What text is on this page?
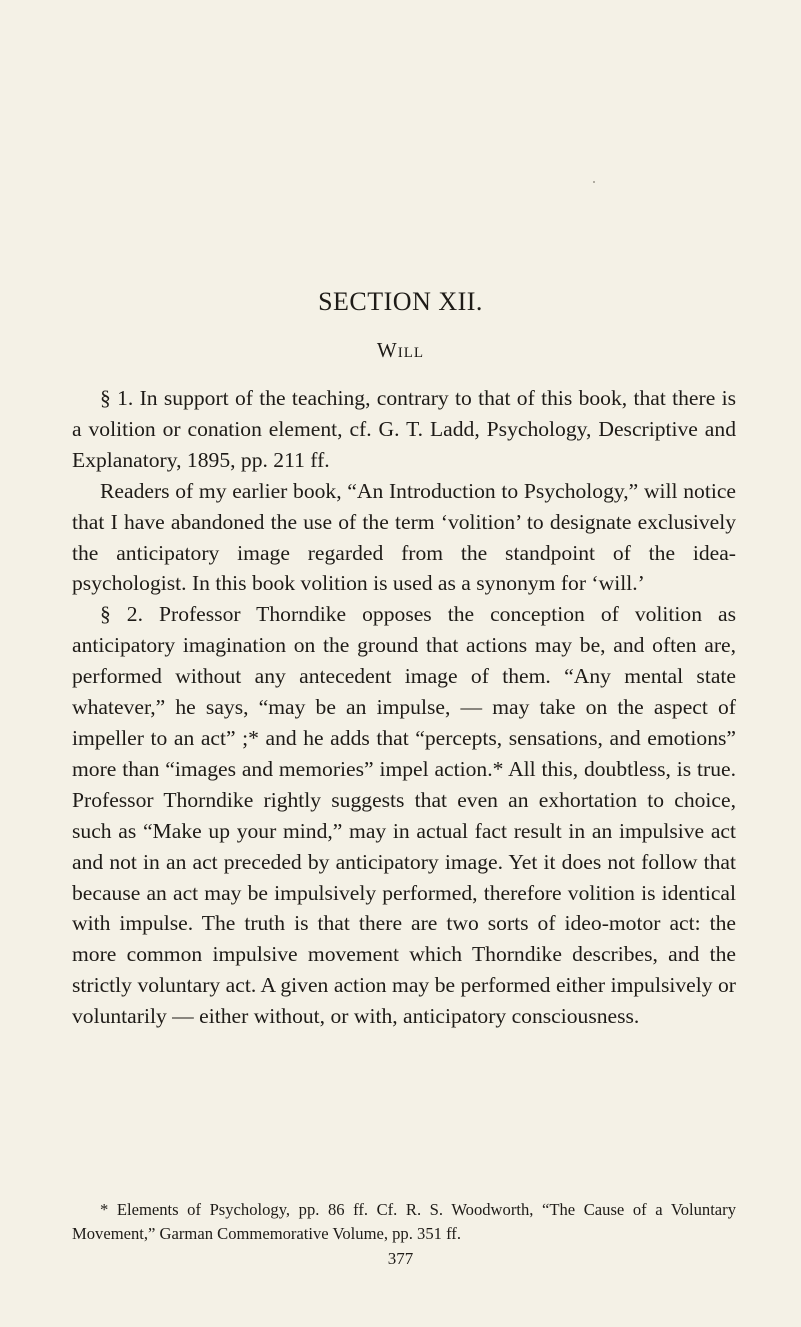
SECTION XII.
Will

§ 1. In support of the teaching, contrary to that of this book, that there is a volition or conation element, cf. G. T. Ladd, Psychology, Descriptive and Explanatory, 1895, pp. 211 ff.

Readers of my earlier book, “An Introduction to Psychology,” will notice that I have abandoned the use of the term ‘volition’ to designate exclusively the anticipatory image regarded from the standpoint of the idea-psychologist. In this book volition is used as a synonym for ‘will.’

§ 2. Professor Thorndike opposes the conception of volition as anticipatory imagination on the ground that actions may be, and often are, performed without any antecedent image of them. “Any mental state whatever,” he says, “may be an impulse, — may take on the aspect of impeller to an act” ;* and he adds that “percepts, sensations, and emotions” more than “images and memories” impel action.* All this, doubtless, is true. Professor Thorndike rightly suggests that even an exhortation to choice, such as “Make up your mind,” may in actual fact result in an impulsive act and not in an act preceded by anticipatory image. Yet it does not follow that because an act may be impulsively performed, therefore volition is identical with impulse. The truth is that there are two sorts of ideo-motor act: the more common impulsive movement which Thorndike describes, and the strictly voluntary act. A given action may be performed either impulsively or voluntarily — either without, or with, anticipatory consciousness.

* Elements of Psychology, pp. 86 ff. Cf. R. S. Woodworth, “The Cause of a Voluntary Movement,” Garman Commemorative Volume, pp. 351 ff.

377
